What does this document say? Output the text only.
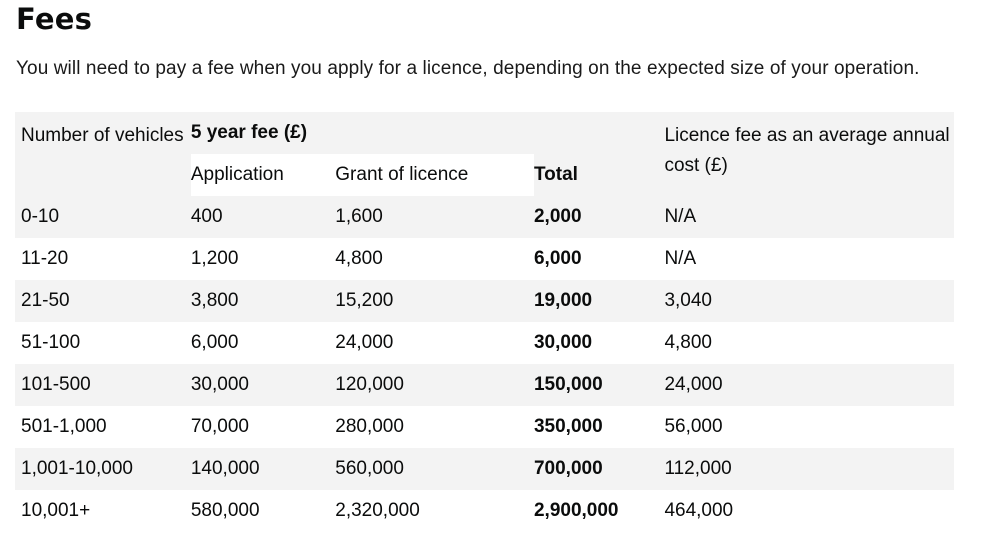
Fees

You will need to pay a fee when you apply for a licence, depending on the expected size of your operation.

Number of vehicles	5 year fee (£)			Licence fee as an average annual cost (£)
	Application	Grant of licence	Total	
0-10	400	1,600	2,000	N/A
11-20	1,200	4,800	6,000	N/A
21-50	3,800	15,200	19,000	3,040
51-100	6,000	24,000	30,000	4,800
101-500	30,000	120,000	150,000	24,000
501-1,000	70,000	280,000	350,000	56,000
1,001-10,000	140,000	560,000	700,000	112,000
10,001+	580,000	2,320,000	2,900,000	464,000
